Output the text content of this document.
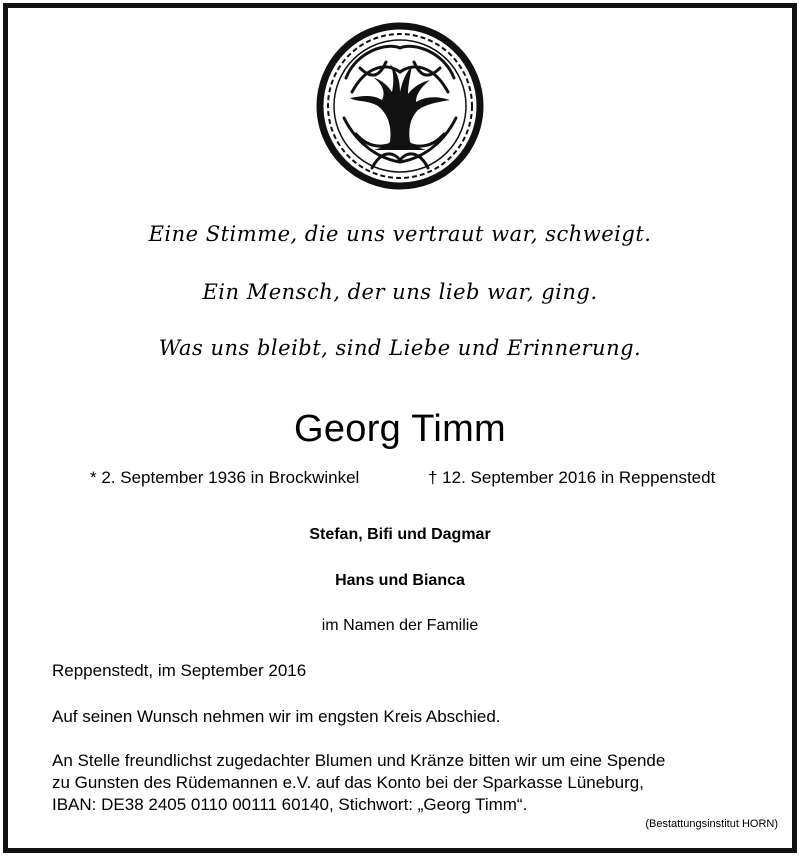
Eine Stimme, die uns vertraut war, schweigt.
Ein Mensch, der uns lieb war, ging.
Was uns bleibt, sind Liebe und Erinnerung.
Georg Timm
* 2. September 1936 in Brockwinkel	† 12. September 2016 in Reppenstedt
Stefan, Bifi und Dagmar
Hans und Bianca
im Namen der Familie
Reppenstedt, im September 2016
Auf seinen Wunsch nehmen wir im engsten Kreis Abschied.
An Stelle freundlichst zugedachter Blumen und Kränze bitten wir um eine Spende
zu Gunsten des Rüdemannen e.V. auf das Konto bei der Sparkasse Lüneburg,
IBAN: DE38 2405 0110 00111 60140, Stichwort: „Georg Timm“.
(Bestattungsinstitut HORN)
